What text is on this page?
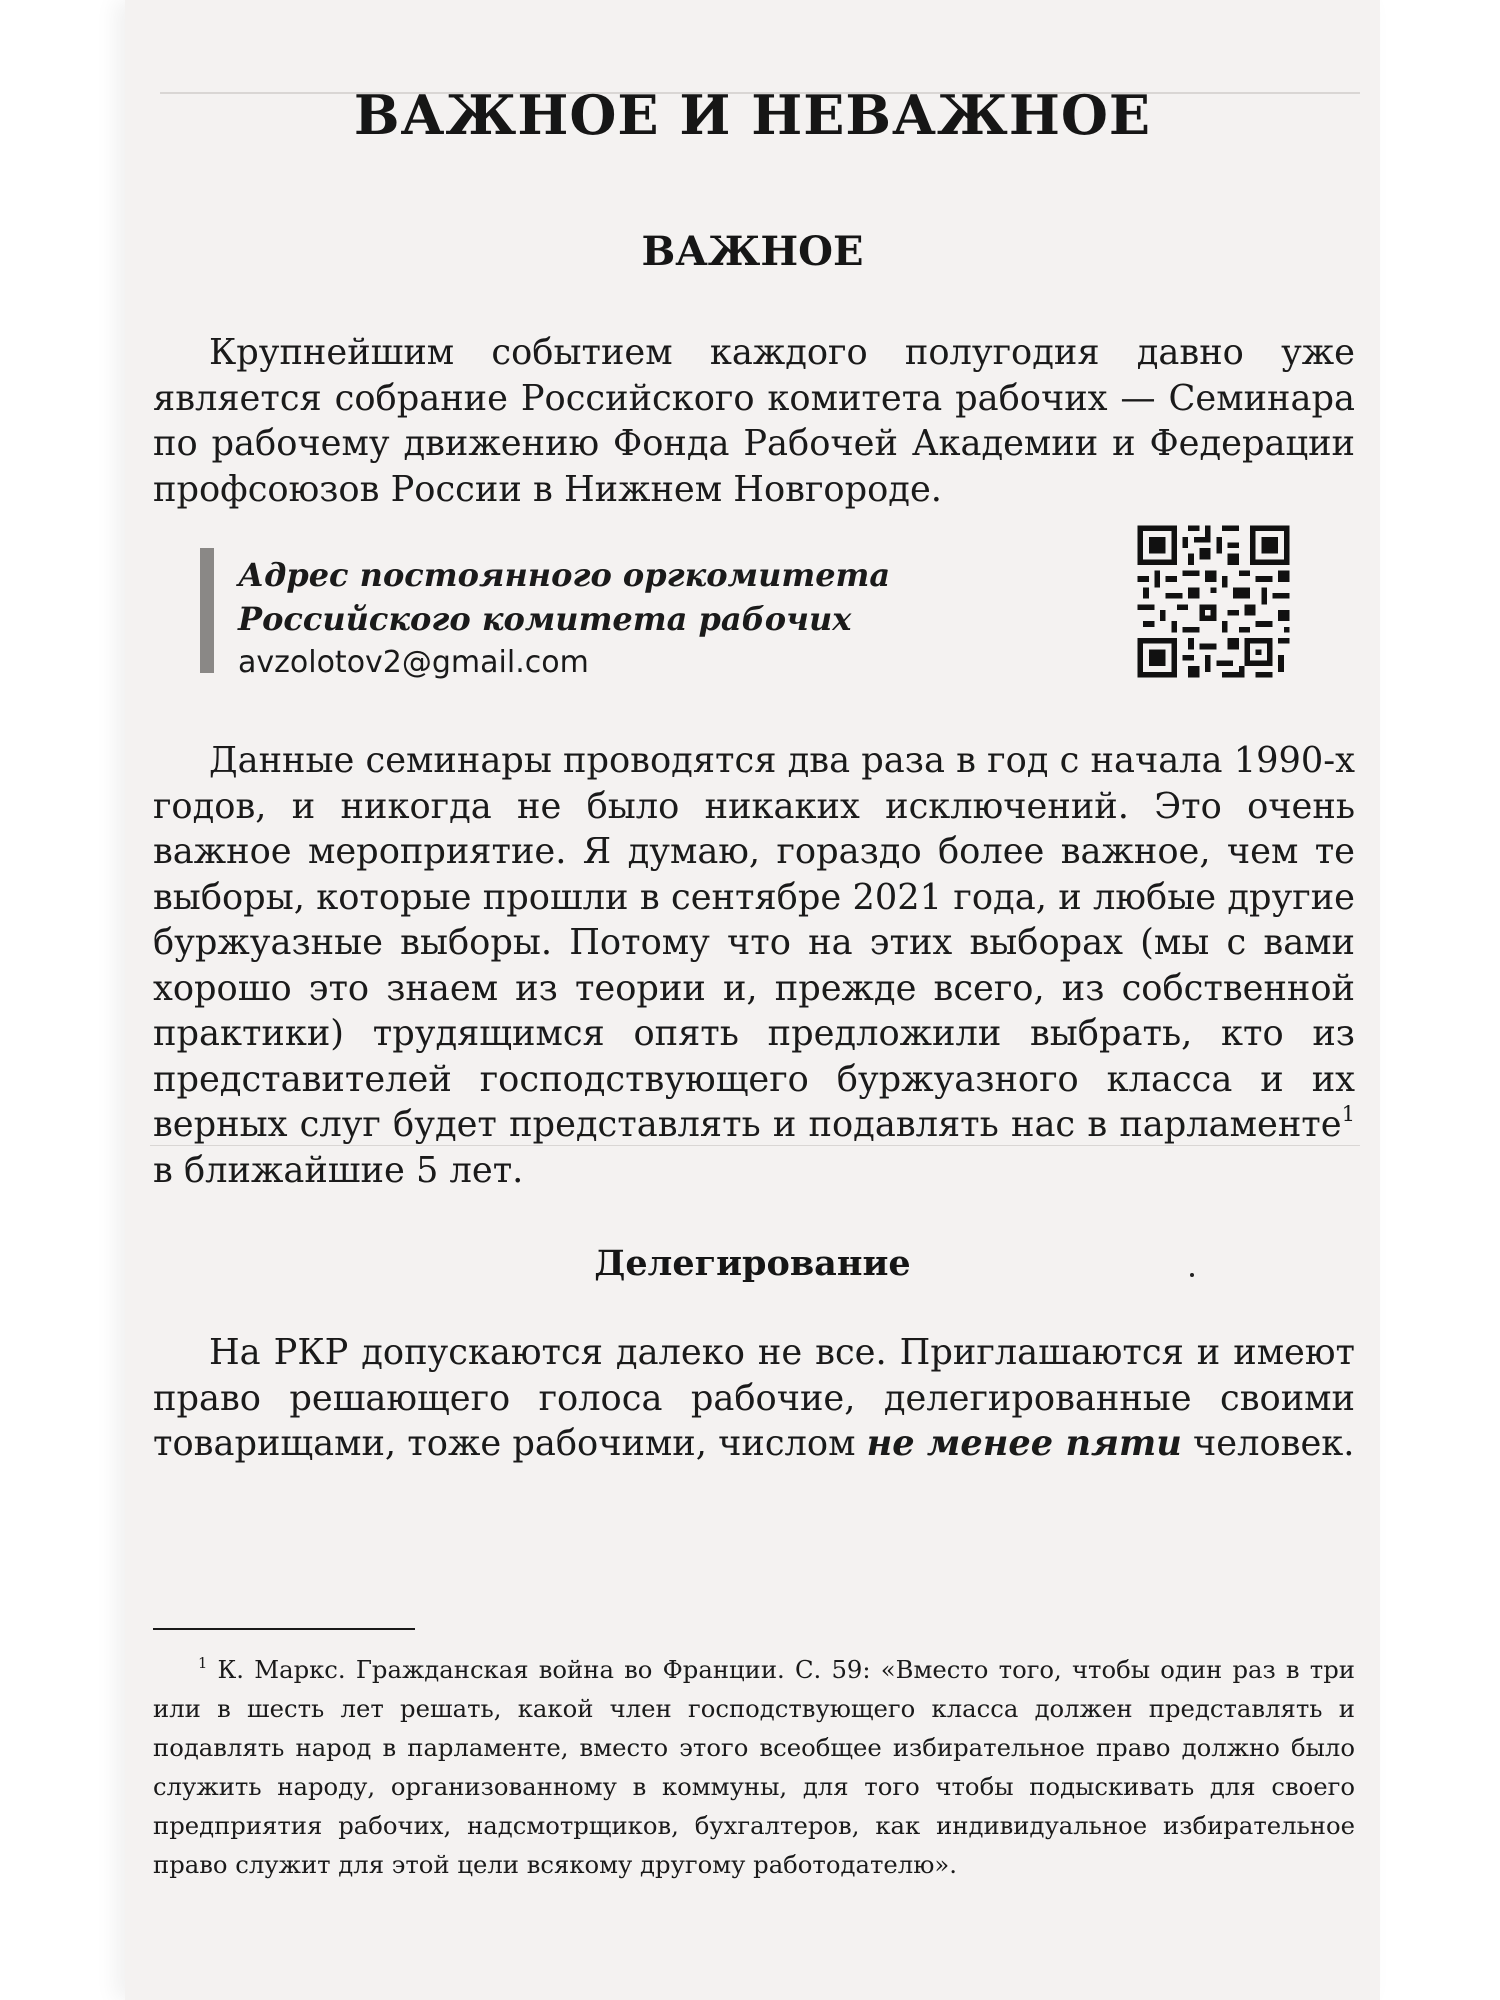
ВАЖНОЕ И НЕВАЖНОЕ
ВАЖНОЕ

Крупнейшим событием каждого полугодия давно уже является собрание Российского комитета рабочих — Семинара по рабочему движению Фонда Рабочей Академии и Федерации профсоюзов России в Нижнем Новгороде.

Адрес постоянного оргкомитета
Российского комитета рабочих
avzolotov2@gmail.com

Данные семинары проводятся два раза в год с начала 1990-х годов, и никогда не было никаких исключений. Это очень важное мероприятие. Я думаю, гораздо более важное, чем те выборы, которые прошли в сентябре 2021 года, и любые другие буржуазные выборы. Потому что на этих выборах (мы с вами хорошо это знаем из теории и, прежде всего, из собственной практики) трудящимся опять предложили выбрать, кто из представителей господствующего буржуазного класса и их верных слуг будет представлять и подавлять нас в парламенте$^1$ в ближайшие 5 лет.

Делегирование

На РКР допускаются далеко не все. Приглашаются и имеют право решающего голоса рабочие, делегированные своими товарищами, тоже рабочими, числом не менее пяти человек.

$^1$ К. Маркс. Гражданская война во Франции. С. 59: «Вместо того, чтобы один раз в три или в шесть лет решать, какой член господствующего класса должен представлять и подавлять народ в парламенте, вместо этого всеобщее избирательное право должно было служить народу, организованному в коммуны, для того чтобы подыскивать для своего предприятия рабочих, надсмотрщиков, бухгалтеров, как индивидуальное избирательное право служит для этой цели всякому другому работодателю».
